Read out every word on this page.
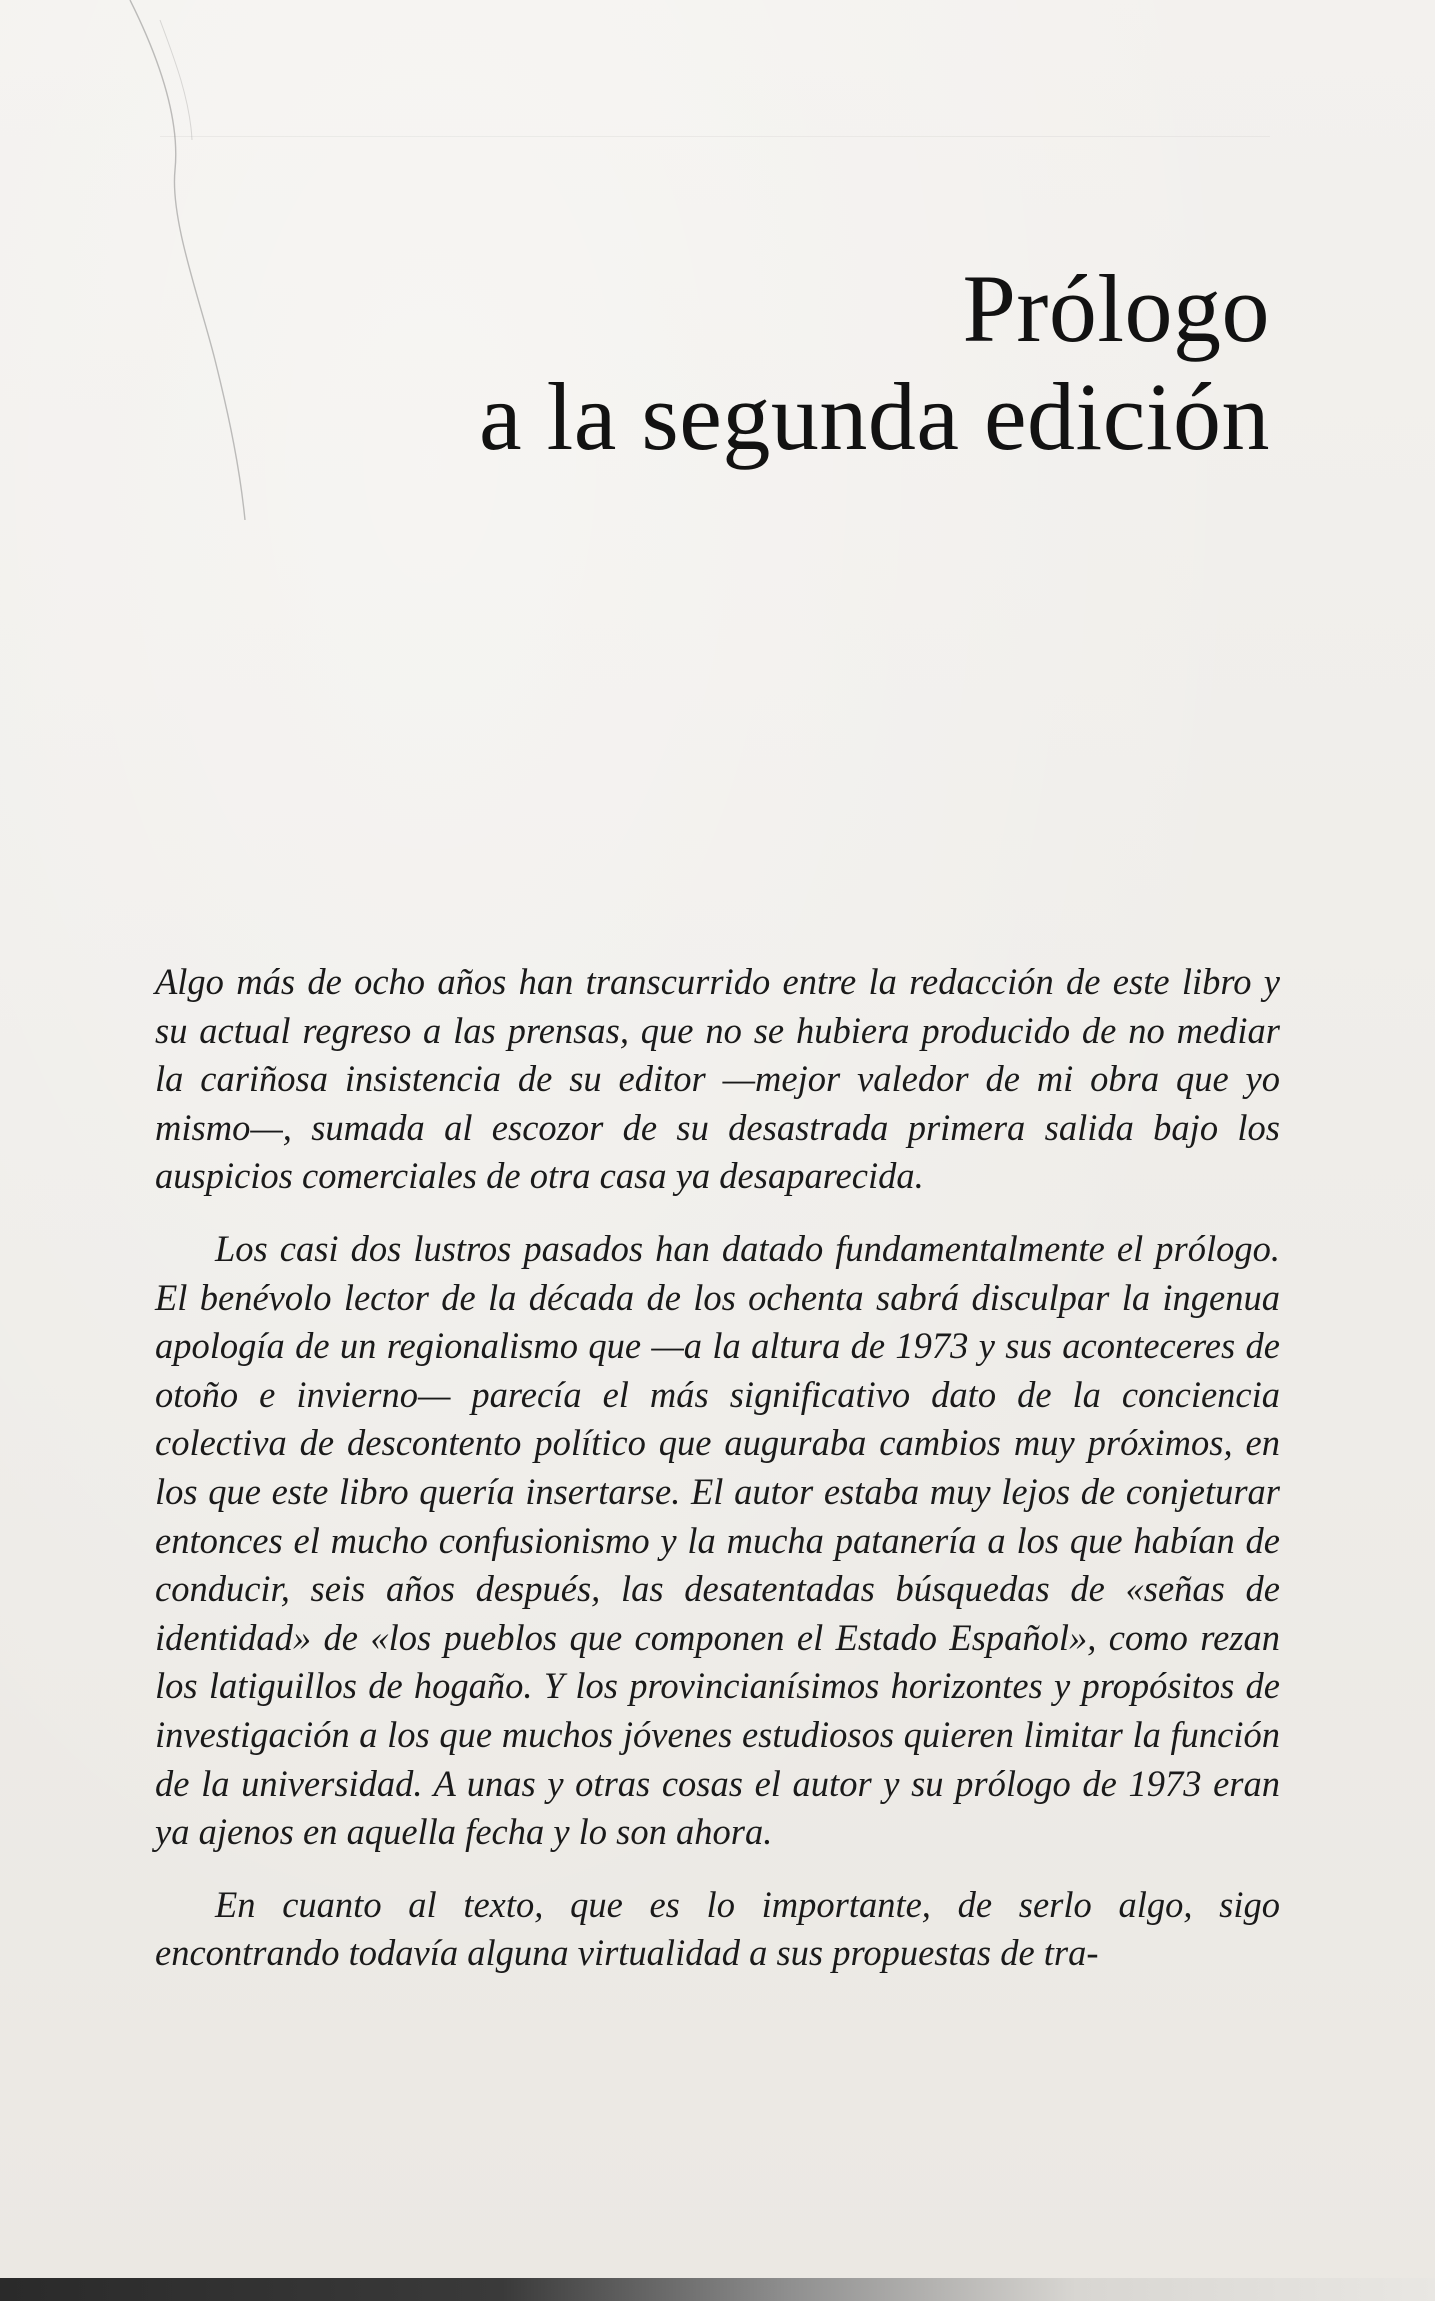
Prólogo
a la segunda edición

Algo más de ocho años han transcurrido entre la redacción de este libro y su actual regreso a las prensas, que no se hubiera producido de no mediar la cariñosa insistencia de su editor —mejor valedor de mi obra que yo mismo—, sumada al escozor de su desastrada primera salida bajo los auspicios comerciales de otra casa ya desaparecida.

Los casi dos lustros pasados han datado fundamentalmente el prólogo. El benévolo lector de la década de los ochenta sabrá disculpar la ingenua apología de un regionalismo que —a la altura de 1973 y sus aconteceres de otoño e invierno— parecía el más significativo dato de la conciencia colectiva de descontento político que auguraba cambios muy próximos, en los que este libro quería insertarse. El autor estaba muy lejos de conjeturar entonces el mucho confusionismo y la mucha patanería a los que habían de conducir, seis años después, las desatentadas búsquedas de «señas de identidad» de «los pueblos que componen el Estado Español», como rezan los latiguillos de hogaño. Y los provincianísimos horizontes y propósitos de investigación a los que muchos jóvenes estudiosos quieren limitar la función de la universidad. A unas y otras cosas el autor y su prólogo de 1973 eran ya ajenos en aquella fecha y lo son ahora.

En cuanto al texto, que es lo importante, de serlo algo, sigo encontrando todavía alguna virtualidad a sus propuestas de tra-
